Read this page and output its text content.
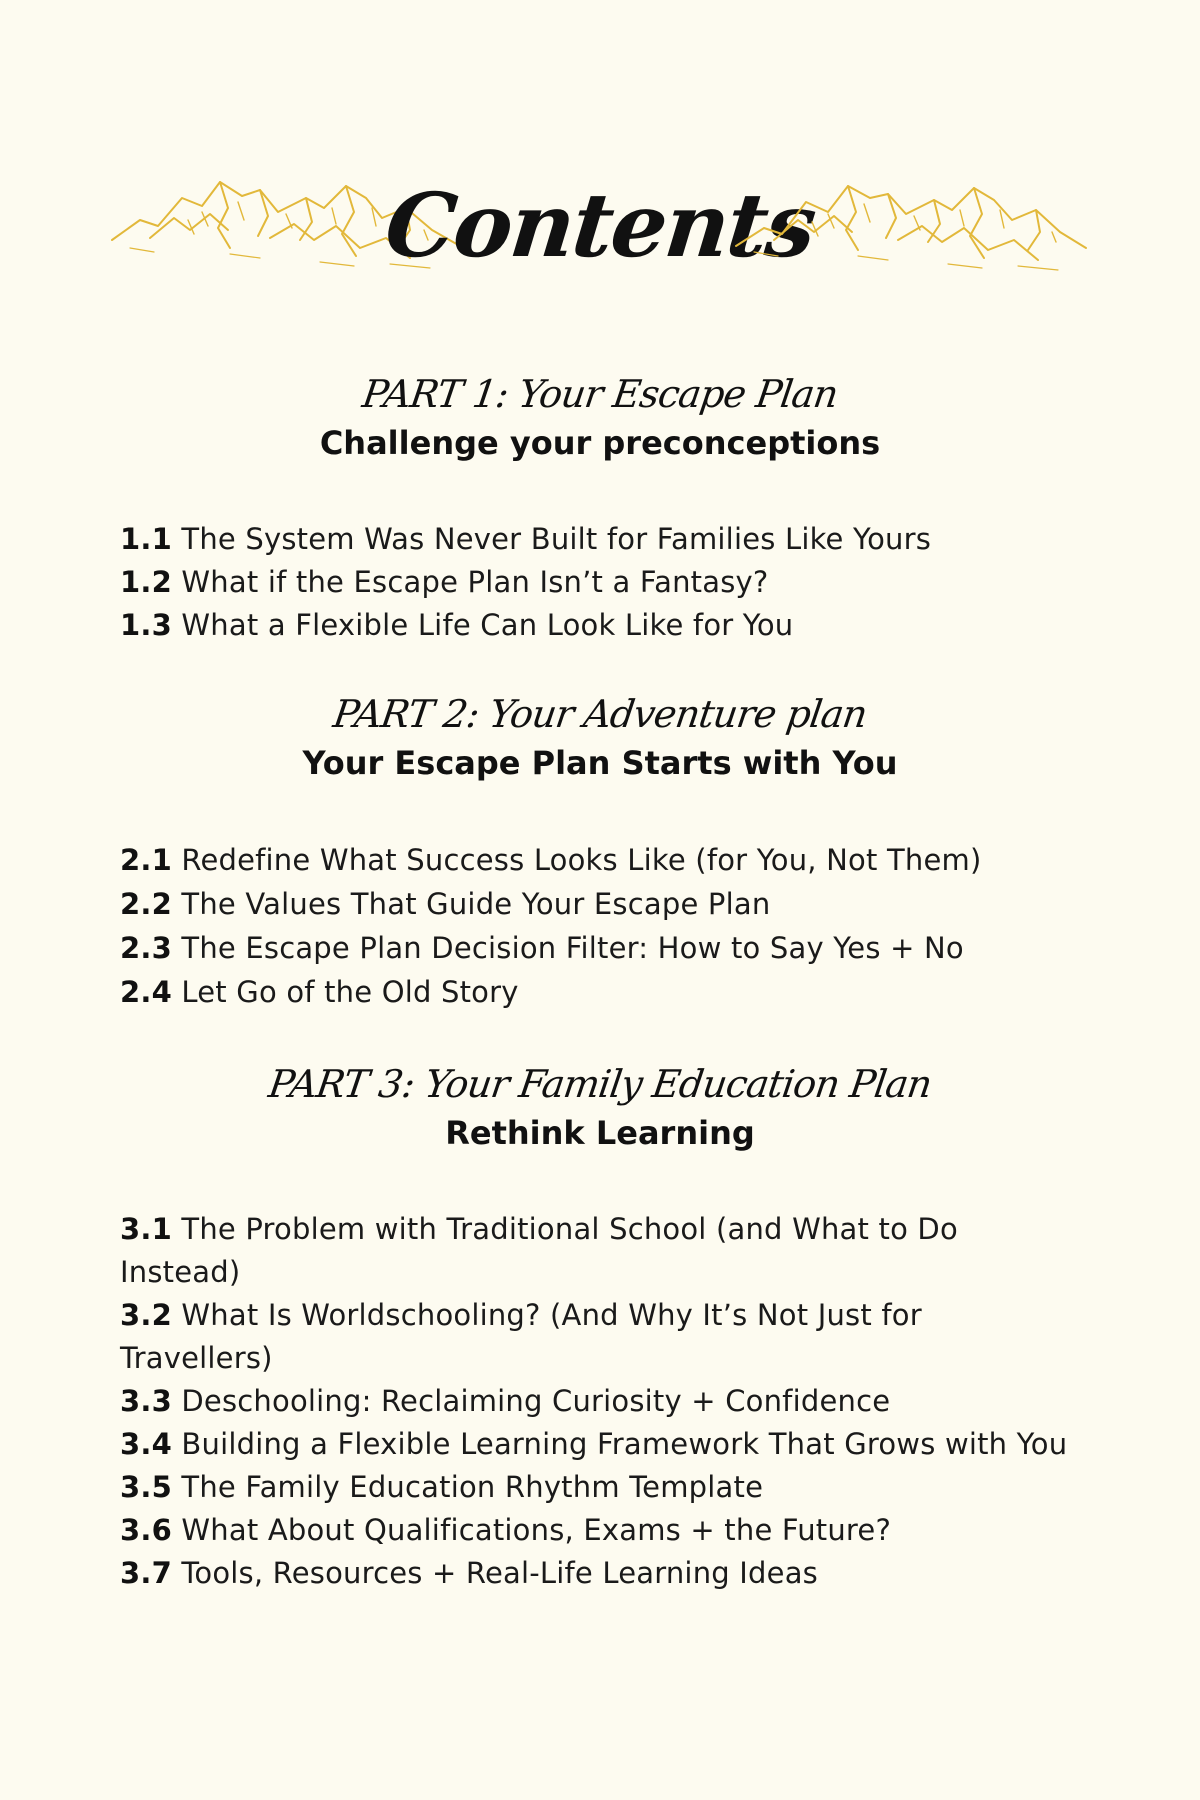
Contents
PART 1: Your Escape Plan
Challenge your preconceptions
1.1 The System Was Never Built for Families Like Yours
1.2 What if the Escape Plan Isn’t a Fantasy?
1.3 What a Flexible Life Can Look Like for You
PART 2: Your Adventure plan
Your Escape Plan Starts with You
2.1 Redefine What Success Looks Like (for You, Not Them)
2.2 The Values That Guide Your Escape Plan
2.3 The Escape Plan Decision Filter: How to Say Yes + No
2.4 Let Go of the Old Story
PART 3: Your Family Education Plan
Rethink Learning
3.1 The Problem with Traditional School (and What to Do Instead)
3.2 What Is Worldschooling? (And Why It’s Not Just for Travellers)
3.3 Deschooling: Reclaiming Curiosity + Confidence
3.4 Building a Flexible Learning Framework That Grows with You
3.5 The Family Education Rhythm Template
3.6 What About Qualifications, Exams + the Future?
3.7 Tools, Resources + Real-Life Learning Ideas
